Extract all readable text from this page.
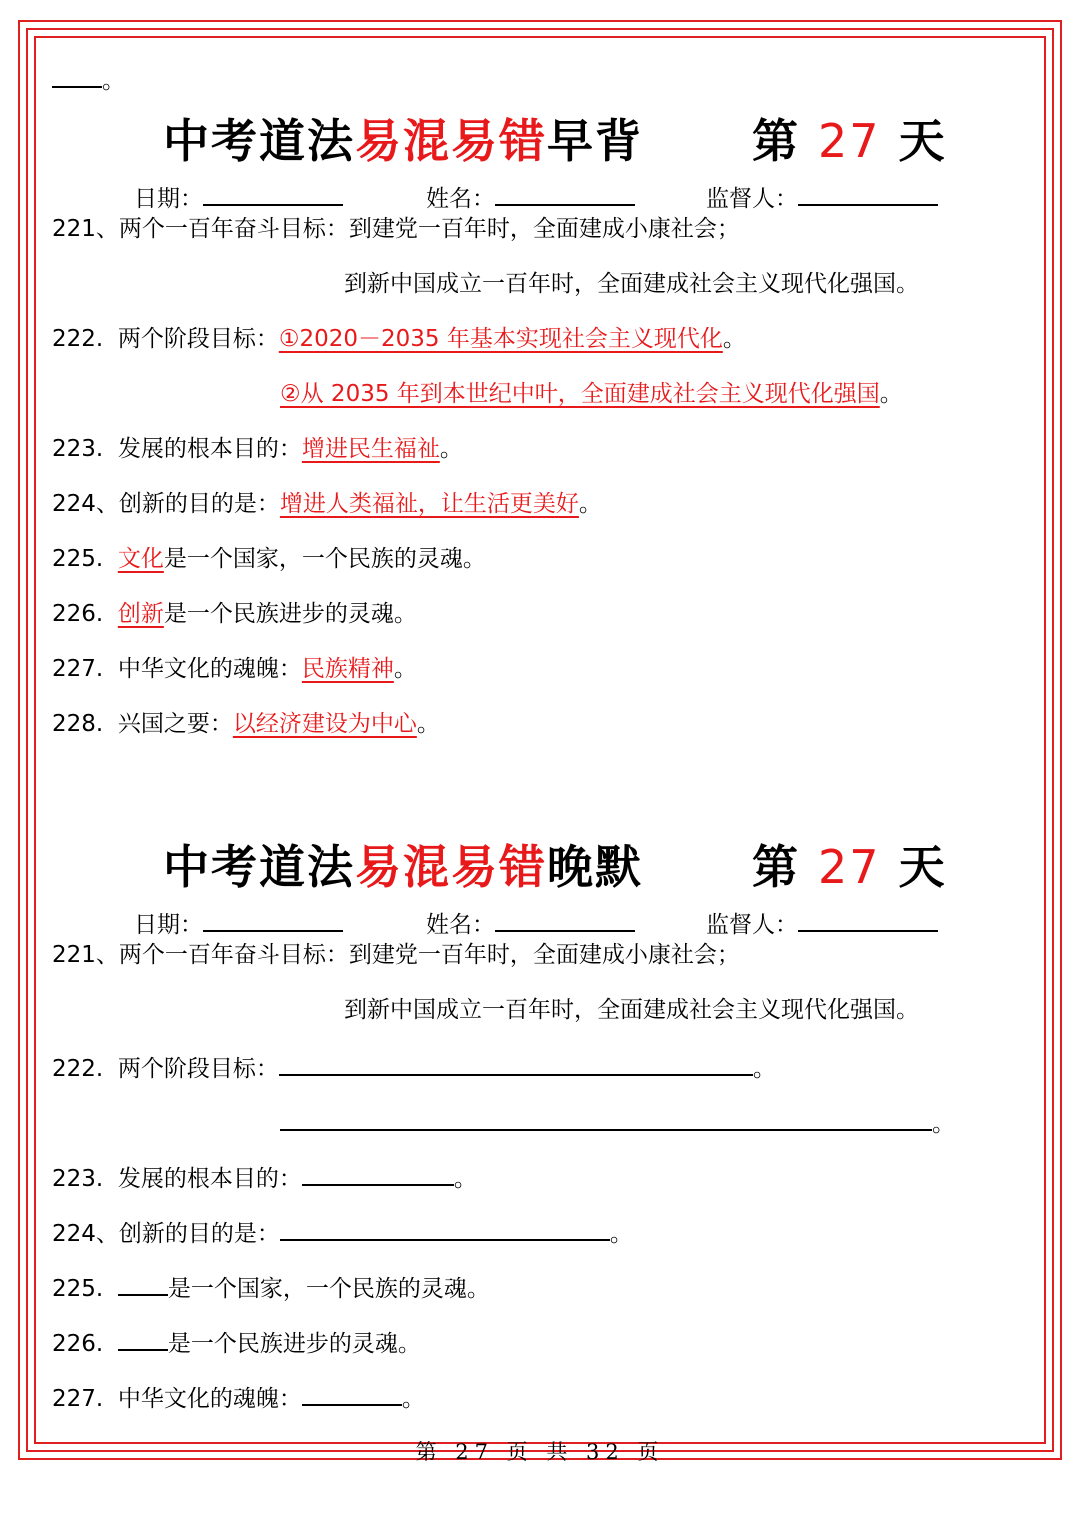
。
中考道法易混易错早背 第 27 天
日期：	姓名：	监督人：
221、两个一百年奋斗目标：到建党一百年时，全面建成小康社会；
到新中国成立一百年时，全面建成社会主义现代化强国。
222. 两个阶段目标：①2020－2035 年基本实现社会主义现代化。
②从 2035 年到本世纪中叶，全面建成社会主义现代化强国。
223. 发展的根本目的：增进民生福祉。
224、创新的目的是：增进人类福祉，让生活更美好。
225. 文化是一个国家，一个民族的灵魂。
226. 创新是一个民族进步的灵魂。
227. 中华文化的魂魄：民族精神。
228. 兴国之要：以经济建设为中心。
中考道法易混易错晚默 第 27 天
日期：	姓名：	监督人：
221、两个一百年奋斗目标：到建党一百年时，全面建成小康社会；
到新中国成立一百年时，全面建成社会主义现代化强国。
222. 两个阶段目标：	。
。
223. 发展的根本目的：	。
224、创新的目的是：	。
225.	是一个国家，一个民族的灵魂。
226.	是一个民族进步的灵魂。
227. 中华文化的魂魄：	。
第 27 页 共 32 页
